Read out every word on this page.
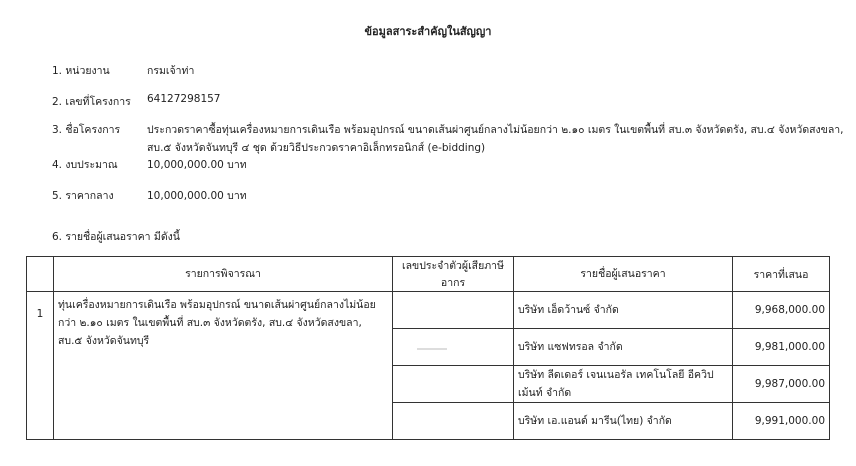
ข้อมูลสาระสำคัญในสัญญา
1. หน่วยงาน	กรมเจ้าท่า
2. เลขที่โครงการ 64127298157
3. ชื่อโครงการ	ประกวดราคาซื้อทุ่นเครื่องหมายการเดินเรือ พร้อมอุปกรณ์ ขนาดเส้นผ่าศูนย์กลางไม่น้อยกว่า ๒.๑๐ เมตร ในเขตพื้นที่ สบ.๓ จังหวัดตรัง, สบ.๔ จังหวัดสงขลา, สบ.๕ จังหวัดจันทบุรี ๔ ชุด ด้วยวิธีประกวดราคาอิเล็กทรอนิกส์ (e-bidding)
4. งบประมาณ	10,000,000.00 บาท
5. ราคากลาง	10,000,000.00 บาท
6. รายชื่อผู้เสนอราคา มีดังนี้
	รายการพิจารณา	เลขประจำตัวผู้เสียภาษีอากร	รายชื่อผู้เสนอราคา	ราคาที่เสนอ
1	ทุ่นเครื่องหมายการเดินเรือ พร้อมอุปกรณ์ ขนาดเส้นผ่าศูนย์กลางไม่น้อยกว่า ๒.๑๐ เมตร ในเขตพื้นที่ สบ.๓ จังหวัดตรัง, สบ.๔ จังหวัดสงขลา, สบ.๕ จังหวัดจันทบุรี		บริษัท เอ็ดว้านซ์ จำกัด	9,968,000.00
			บริษัท แซฟทรอล จำกัด	9,981,000.00
			บริษัท ลีดเดอร์ เจนเนอรัล เทคโนโลยี อีควิปเม้นท์ จำกัด	9,987,000.00
			บริษัท เอ.แอนด์ มารีน(ไทย) จำกัด	9,991,000.00
